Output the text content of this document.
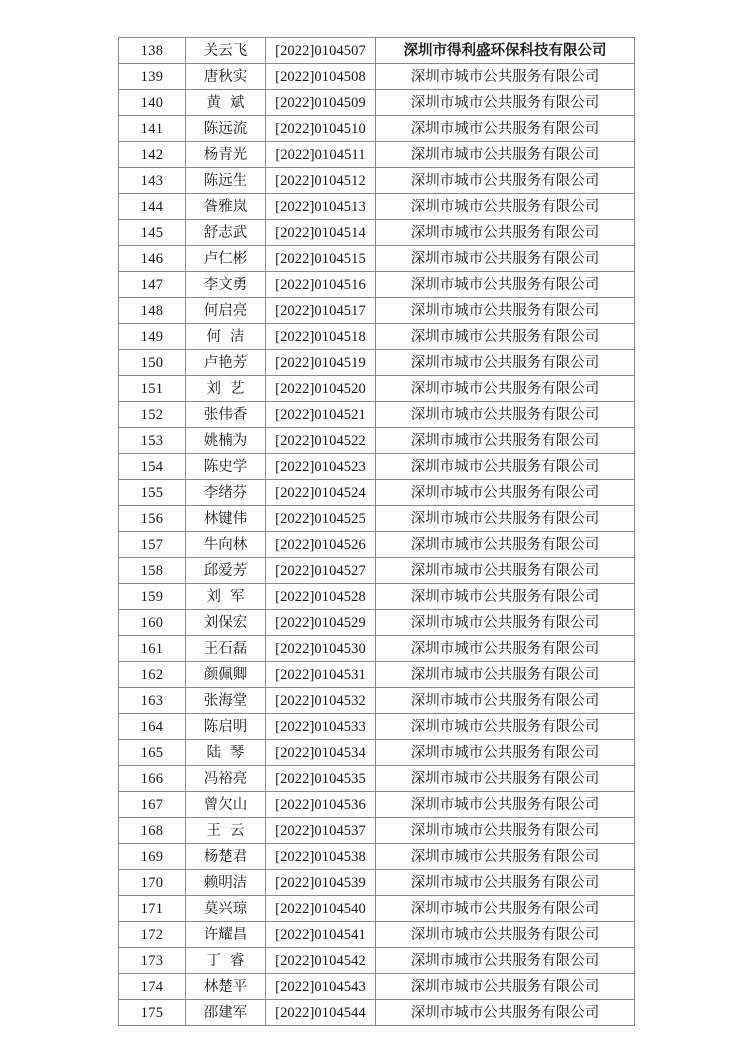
138	关云飞	[2022]0104507	深圳市得利盛环保科技有限公司
139	唐秋实	[2022]0104508	深圳市城市公共服务有限公司
140	黄斌	[2022]0104509	深圳市城市公共服务有限公司
141	陈远流	[2022]0104510	深圳市城市公共服务有限公司
142	杨青光	[2022]0104511	深圳市城市公共服务有限公司
143	陈远生	[2022]0104512	深圳市城市公共服务有限公司
144	昝雅岚	[2022]0104513	深圳市城市公共服务有限公司
145	舒志武	[2022]0104514	深圳市城市公共服务有限公司
146	卢仁彬	[2022]0104515	深圳市城市公共服务有限公司
147	李文勇	[2022]0104516	深圳市城市公共服务有限公司
148	何启亮	[2022]0104517	深圳市城市公共服务有限公司
149	何洁	[2022]0104518	深圳市城市公共服务有限公司
150	卢艳芳	[2022]0104519	深圳市城市公共服务有限公司
151	刘艺	[2022]0104520	深圳市城市公共服务有限公司
152	张伟香	[2022]0104521	深圳市城市公共服务有限公司
153	姚楠为	[2022]0104522	深圳市城市公共服务有限公司
154	陈史学	[2022]0104523	深圳市城市公共服务有限公司
155	李绪芬	[2022]0104524	深圳市城市公共服务有限公司
156	林键伟	[2022]0104525	深圳市城市公共服务有限公司
157	牛向林	[2022]0104526	深圳市城市公共服务有限公司
158	邱爱芳	[2022]0104527	深圳市城市公共服务有限公司
159	刘军	[2022]0104528	深圳市城市公共服务有限公司
160	刘保宏	[2022]0104529	深圳市城市公共服务有限公司
161	王石磊	[2022]0104530	深圳市城市公共服务有限公司
162	颜佩卿	[2022]0104531	深圳市城市公共服务有限公司
163	张海堂	[2022]0104532	深圳市城市公共服务有限公司
164	陈启明	[2022]0104533	深圳市城市公共服务有限公司
165	陆琴	[2022]0104534	深圳市城市公共服务有限公司
166	冯裕亮	[2022]0104535	深圳市城市公共服务有限公司
167	曾欠山	[2022]0104536	深圳市城市公共服务有限公司
168	王云	[2022]0104537	深圳市城市公共服务有限公司
169	杨楚君	[2022]0104538	深圳市城市公共服务有限公司
170	赖明洁	[2022]0104539	深圳市城市公共服务有限公司
171	莫兴琼	[2022]0104540	深圳市城市公共服务有限公司
172	许耀昌	[2022]0104541	深圳市城市公共服务有限公司
173	丁睿	[2022]0104542	深圳市城市公共服务有限公司
174	林楚平	[2022]0104543	深圳市城市公共服务有限公司
175	邵建军	[2022]0104544	深圳市城市公共服务有限公司
